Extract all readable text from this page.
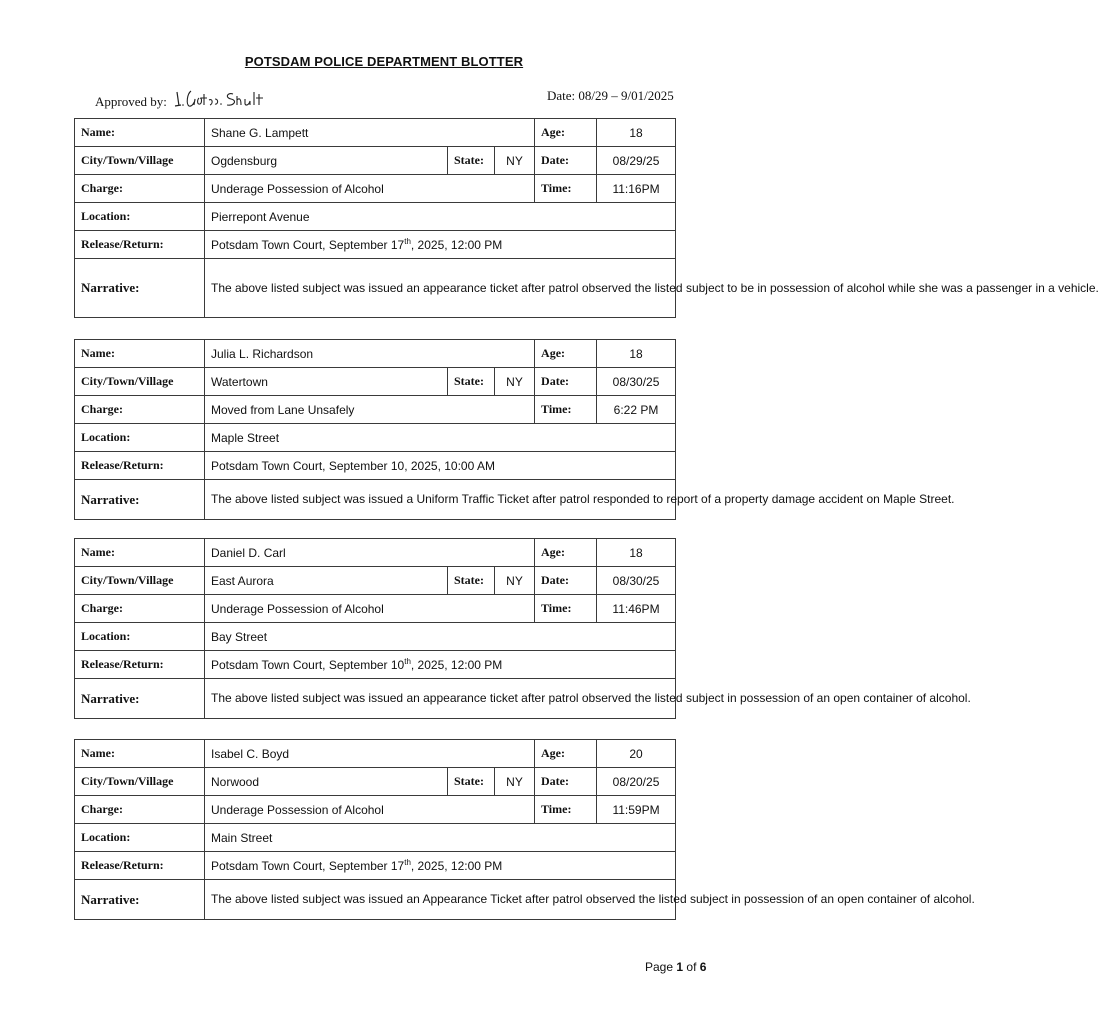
POTSDAM POLICE DEPARTMENT BLOTTER
Approved by:	Date: 08/29 – 9/01/2025
Name:	Shane G. Lampett			Age:	18
City/Town/Village	Ogdensburg	State:	NY	Date:	08/29/25
Charge:	Underage Possession of Alcohol			Time:	11:16PM
Location:	Pierrepont Avenue				
Release/Return:	Potsdam Town Court, September 17th, 2025, 12:00 PM				
Narrative:	The above listed subject was issued an appearance ticket after patrol observed the listed subject to be in possession of alcohol while she was a passenger in a vehicle.				
Name:	Julia L. Richardson			Age:	18
City/Town/Village	Watertown	State:	NY	Date:	08/30/25
Charge:	Moved from Lane Unsafely			Time:	6:22 PM
Location:	Maple Street				
Release/Return:	Potsdam Town Court, September 10, 2025, 10:00 AM				
Narrative:	The above listed subject was issued a Uniform Traffic Ticket after patrol responded to report of a property damage accident on Maple Street.				
Name:	Daniel D. Carl			Age:	18
City/Town/Village	East Aurora	State:	NY	Date:	08/30/25
Charge:	Underage Possession of Alcohol			Time:	11:46PM
Location:	Bay Street				
Release/Return:	Potsdam Town Court, September 10th, 2025, 12:00 PM				
Narrative:	The above listed subject was issued an appearance ticket after patrol observed the listed subject in possession of an open container of alcohol.				
Name:	Isabel C. Boyd			Age:	20
City/Town/Village	Norwood	State:	NY	Date:	08/20/25
Charge:	Underage Possession of Alcohol			Time:	11:59PM
Location:	Main Street				
Release/Return:	Potsdam Town Court, September 17th, 2025, 12:00 PM				
Narrative:	The above listed subject was issued an Appearance Ticket after patrol observed the listed subject in possession of an open container of alcohol.				
Page 1 of 6
